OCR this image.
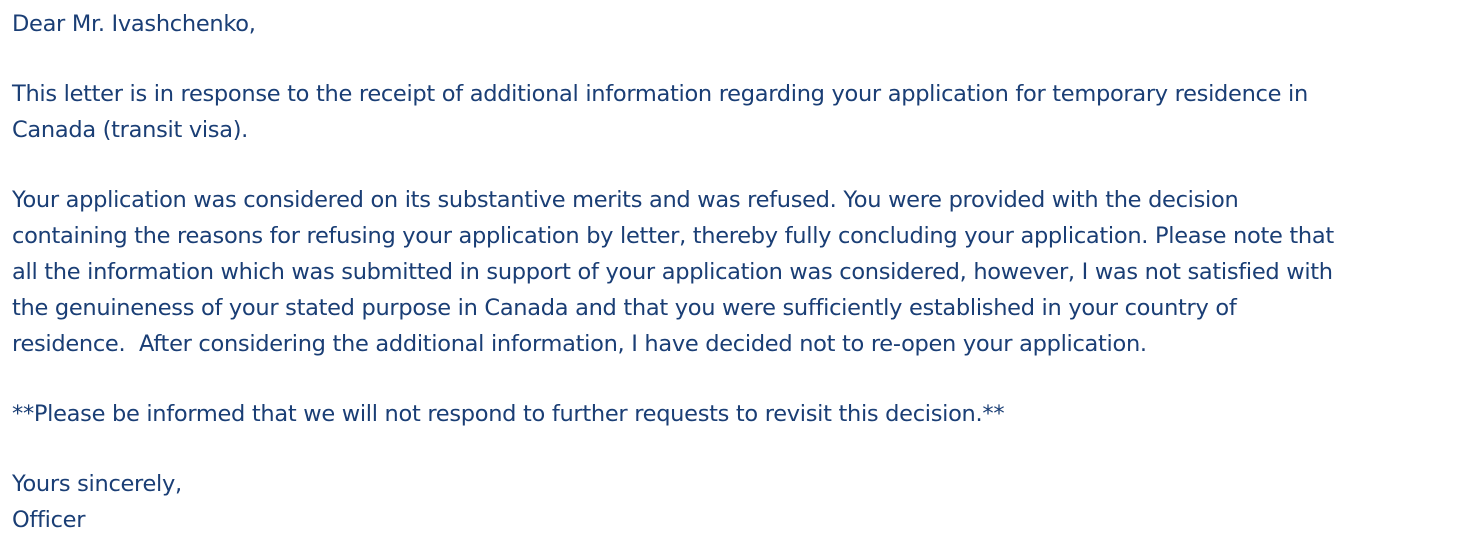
Dear Mr. Ivashchenko,

This letter is in response to the receipt of additional information regarding your application for temporary residence in

Canada (transit visa).

Your application was considered on its substantive merits and was refused. You were provided with the decision

containing the reasons for refusing your application by letter, thereby fully concluding your application. Please note that

all the information which was submitted in support of your application was considered, however, I was not satisfied with

the genuineness of your stated purpose in Canada and that you were sufficiently established in your country of

residence.  After considering the additional information, I have decided not to re-open your application.

**Please be informed that we will not respond to further requests to revisit this decision.**

Yours sincerely,

Officer
